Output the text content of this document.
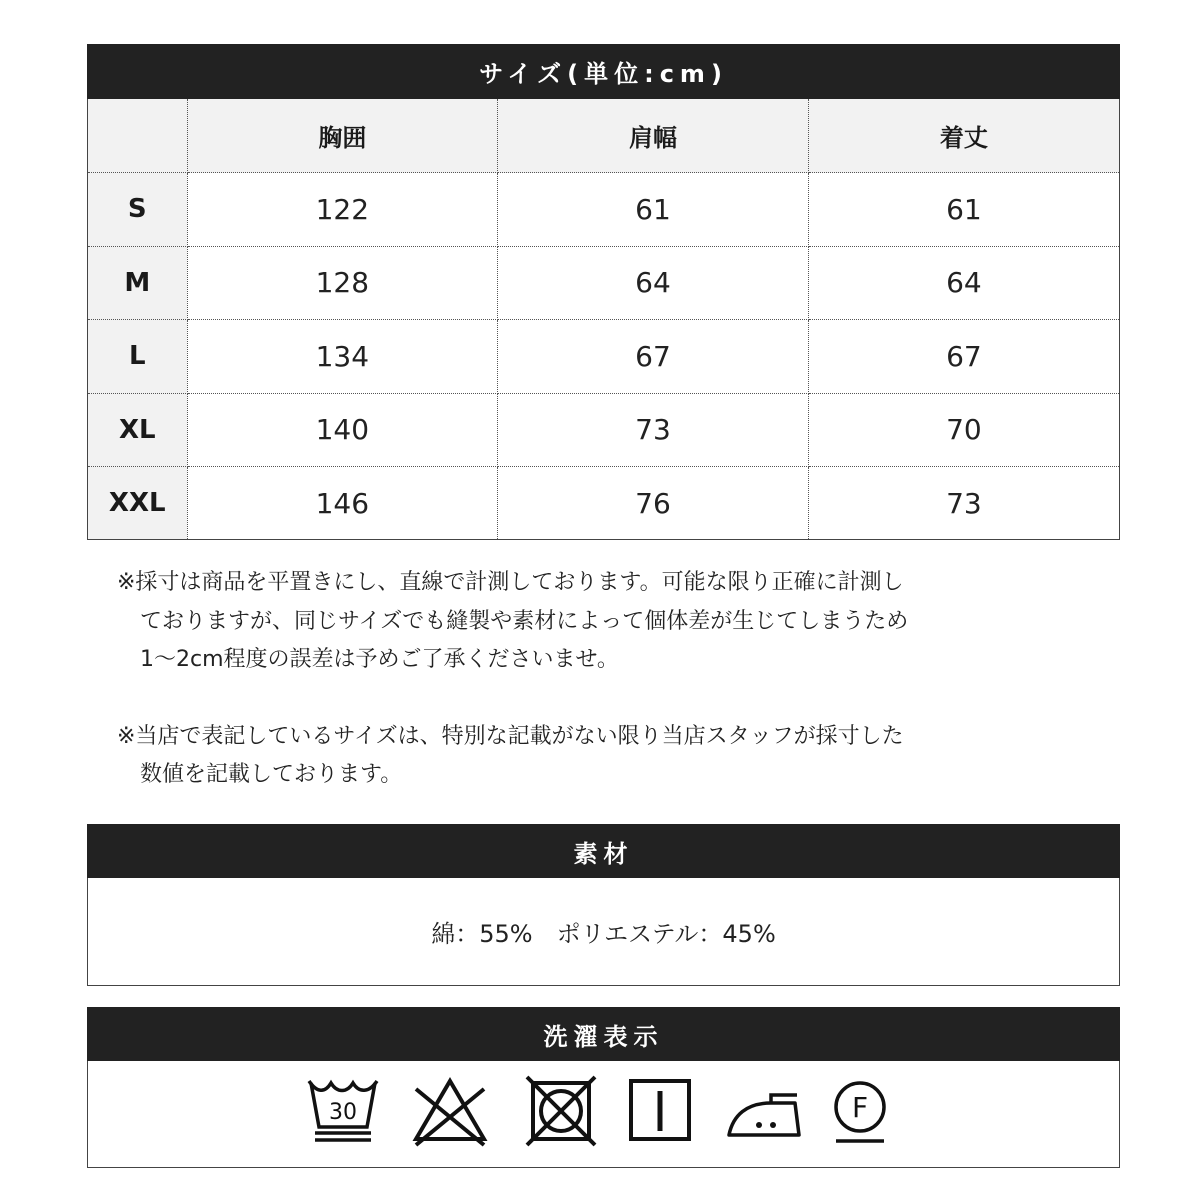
サイズ(単位:cm)
	胸囲	肩幅	着丈
S	122	61	61
M	128	64	64
L	134	67	67
XL	140	73	70
XXL	146	76	73

※採寸は商品を平置きにし、直線で計測しております。可能な限り正確に計測し
ておりますが、同じサイズでも縫製や素材によって個体差が生じてしまうため
1～2cm程度の誤差は予めご了承くださいませ。

※当店で表記しているサイズは、特別な記載がない限り当店スタッフが採寸した
数値を記載しております。

素材
綿：55%　ポリエステル：45%
洗濯表示
30	F
